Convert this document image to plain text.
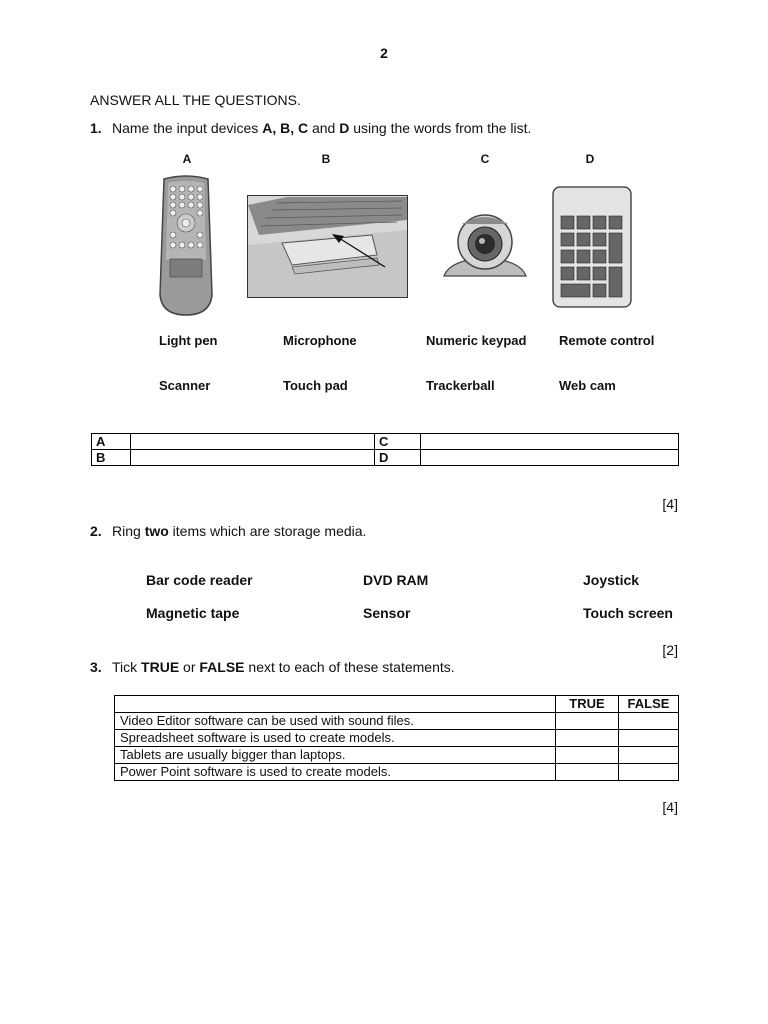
2
ANSWER ALL THE QUESTIONS.
1. Name the input devices A, B, C and D using the words from the list.
A	B	C	D
Light pen	Microphone	Numeric keypad	Remote control
Scanner	Touch pad	Trackerball	Web cam
A		C	
B		D	
[4]
2. Ring two items which are storage media.
Bar code reader	DVD RAM	Joystick
Magnetic tape	Sensor	Touch screen
[2]
3. Tick TRUE or FALSE next to each of these statements.
	TRUE	FALSE
Video Editor software can be used with sound files.		
Spreadsheet software is used to create models.		
Tablets are usually bigger than laptops.		
Power Point software is used to create models.		
[4]
